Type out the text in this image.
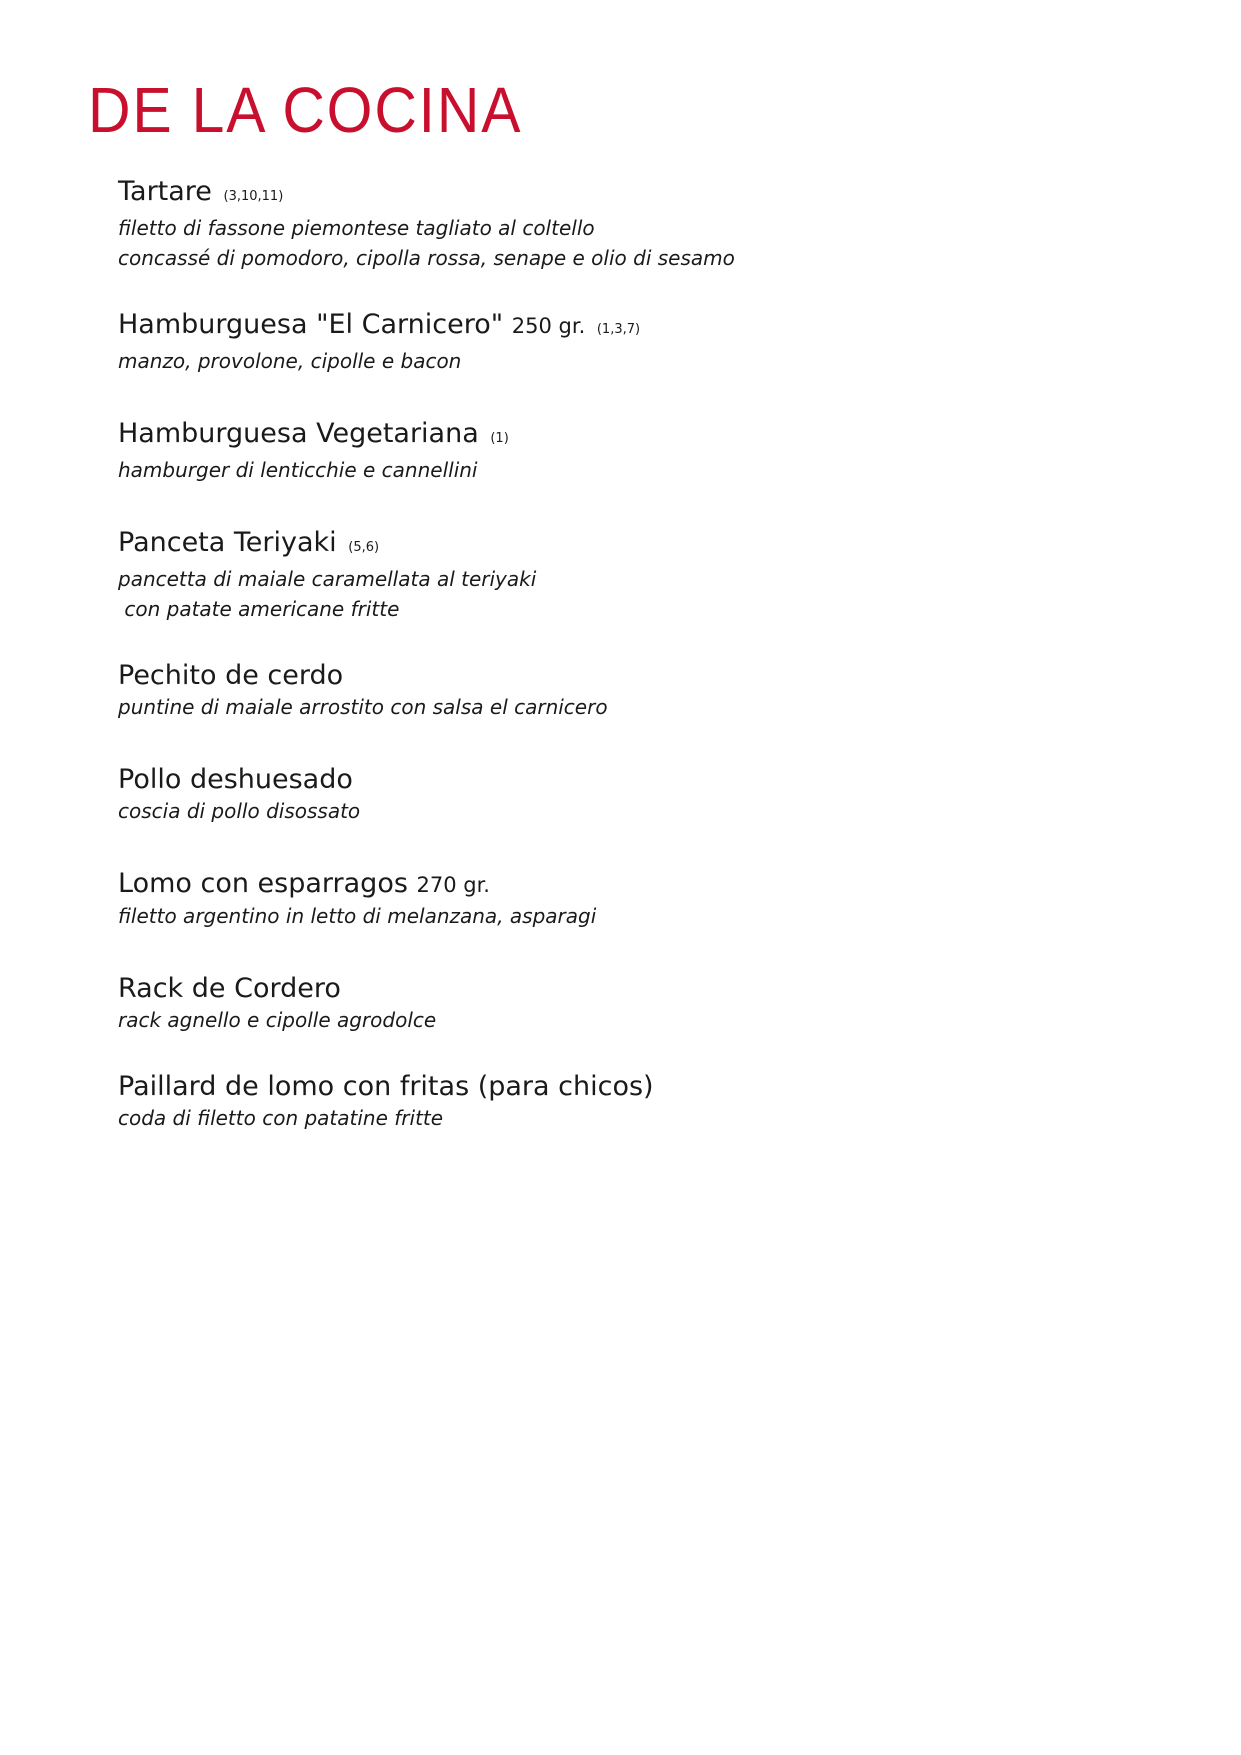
DE LA COCINA
Tartare (3,10,11)
filetto di fassone piemontese tagliato al coltello
concassé di pomodoro, cipolla rossa, senape e olio di sesamo
Hamburguesa "El Carnicero" 250 gr. (1,3,7)
manzo, provolone, cipolle e bacon
Hamburguesa Vegetariana (1)
hamburger di lenticchie e cannellini
Panceta Teriyaki (5,6)
pancetta di maiale caramellata al teriyaki
con patate americane fritte
Pechito de cerdo
puntine di maiale arrostito con salsa el carnicero
Pollo deshuesado
coscia di pollo disossato
Lomo con esparragos 270 gr.
filetto argentino in letto di melanzana, asparagi
Rack de Cordero
rack agnello e cipolle agrodolce
Paillard de lomo con fritas (para chicos)
coda di filetto con patatine fritte
